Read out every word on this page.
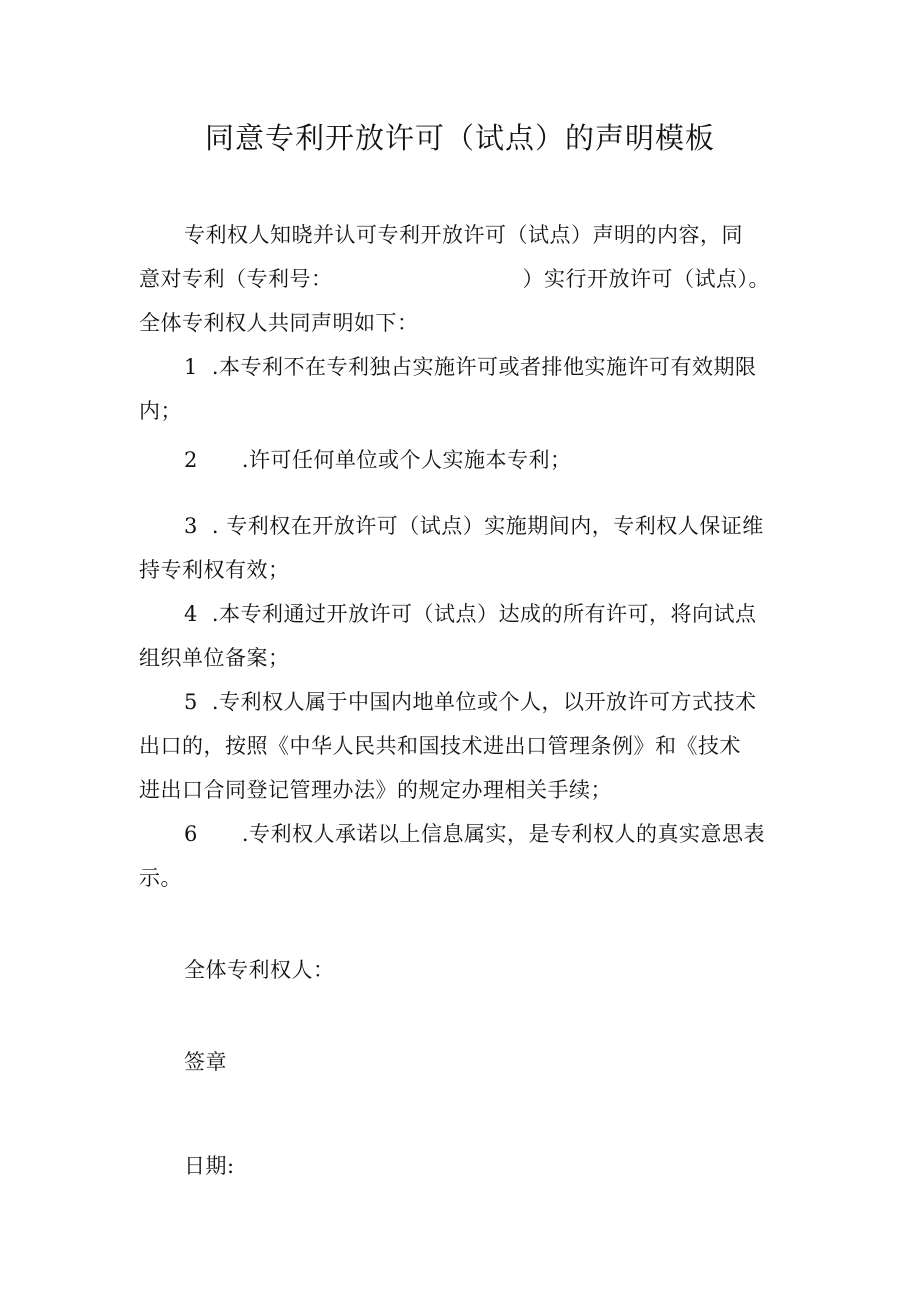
同意专利开放许可（试点）的声明模板
专利权人知晓并认可专利开放许可（试点）声明的内容，同
意对专利（专利号：	）实行开放许可（试点）。
全体专利权人共同声明如下：
1 .本专利不在专利独占实施许可或者排他实施许可有效期限
内；
2 .许可任何单位或个人实施本专利；
3 . 专利权在开放许可（试点）实施期间内，专利权人保证维
持专利权有效；
4 .本专利通过开放许可（试点）达成的所有许可，将向试点
组织单位备案；
5 .专利权人属于中国内地单位或个人，以开放许可方式技术
出口的，按照《中华人民共和国技术进出口管理条例》和《技术
进出口合同登记管理办法》的规定办理相关手续；
6 .专利权人承诺以上信息属实，是专利权人的真实意思表
示。
全体专利权人：
签章
日期:
